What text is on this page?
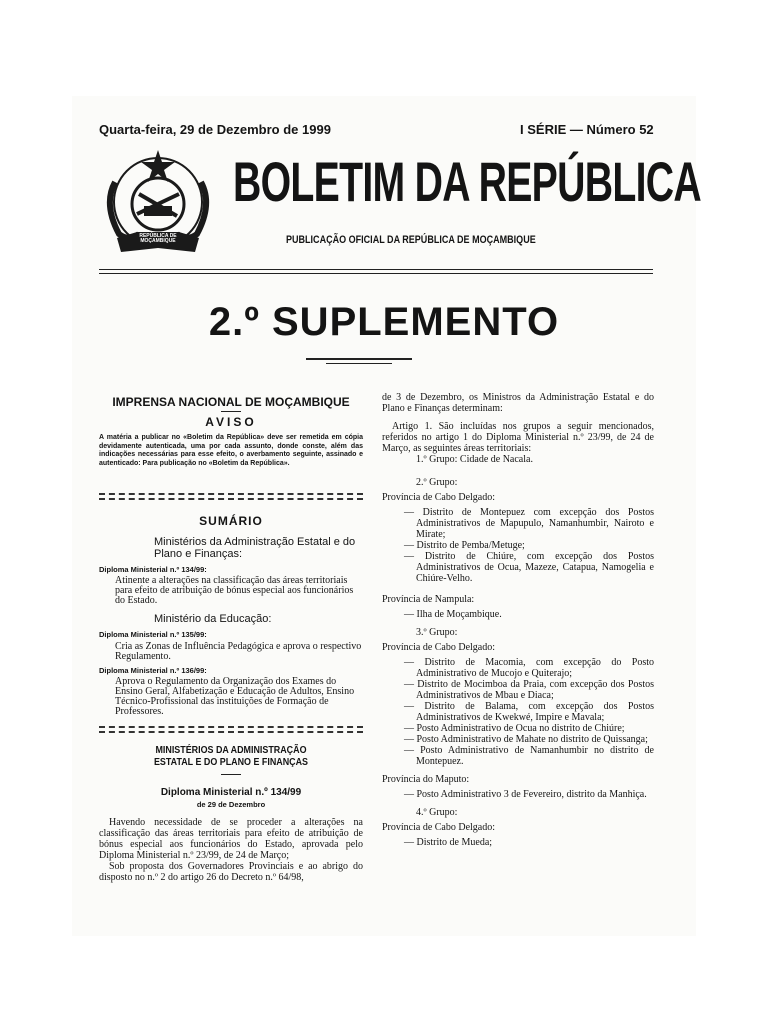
Quarta-feira, 29 de Dezembro de 1999	I SÉRIE — Número 52
REPÚBLICA DE MOÇAMBIQUE
BOLETIM DA REPÚBLICA
PUBLICAÇÃO OFICIAL DA REPÚBLICA DE MOÇAMBIQUE
2.º SUPLEMENTO
IMPRENSA NACIONAL DE MOÇAMBIQUE
AVISO
A matéria a publicar no «Boletim da República» deve ser remetida em cópia devidamente autenticada, uma por cada assunto, donde conste, além das indicações necessárias para esse efeito, o averbamento seguinte, assinado e autenticado: Para publicação no «Boletim da República».
SUMÁRIO
Ministérios da Administração Estatal e do Plano e Finanças:
Diploma Ministerial n.º 134/99:
Atinente a alterações na classificação das áreas territoriais para efeito de atribuição de bónus especial aos funcionários do Estado.
Ministério da Educação:
Diploma Ministerial n.º 135/99:
Cria as Zonas de Influência Pedagógica e aprova o respectivo Regulamento.
Diploma Ministerial n.º 136/99:
Aprova o Regulamento da Organização dos Exames do Ensino Geral, Alfabetização e Educação de Adultos, Ensino Técnico-Profissional das instituições de Formação de Professores.
MINISTÉRIOS DA ADMINISTRAÇÃO ESTATAL E DO PLANO E FINANÇAS
Diploma Ministerial n.º 134/99
de 29 de Dezembro
Havendo necessidade de se proceder a alterações na classificação das áreas territoriais para efeito de atribuição de bónus especial aos funcionários do Estado, aprovada pelo Diploma Ministerial n.º 23/99, de 24 de Março;
Sob proposta dos Governadores Provinciais e ao abrigo do disposto no n.º 2 do artigo 26 do Decreto n.º 64/98,

de 3 de Dezembro, os Ministros da Administração Estatal e do Plano e Finanças determinam:

Artigo 1. São incluídas nos grupos a seguir mencionados, referidos no artigo 1 do Diploma Ministerial n.º 23/99, de 24 de Março, as seguintes áreas territoriais:

1.º Grupo: Cidade de Nacala.

2.º Grupo:

Província de Cabo Delgado:

— Distrito de Montepuez com excepção dos Postos Administrativos de Mapupulo, Namanhumbir, Nairoto e Mirate;

— Distrito de Pemba/Metuge;

— Distrito de Chiúre, com excepção dos Postos Administrativos de Ocua, Mazeze, Catapua, Namogelia e Chiúre-Velho.

Província de Nampula:

— Ilha de Moçambique.

3.º Grupo:

Província de Cabo Delgado:

— Distrito de Macomia, com excepção do Posto Administrativo de Mucojo e Quiterajo;

— Distrito de Mocimboa da Praia, com excepção dos Postos Administrativos de Mbau e Diaca;

— Distrito de Balama, com excepção dos Postos Administrativos de Kwekwé, Impire e Mavala;

— Posto Administrativo de Ocua no distrito de Chiúre;

— Posto Administrativo de Mahate no distrito de Quissanga;

— Posto Administrativo de Namanhumbir no distrito de Montepuez.

Província do Maputo:

— Posto Administrativo 3 de Fevereiro, distrito da Manhiça.

4.º Grupo:

Província de Cabo Delgado:

— Distrito de Mueda;
